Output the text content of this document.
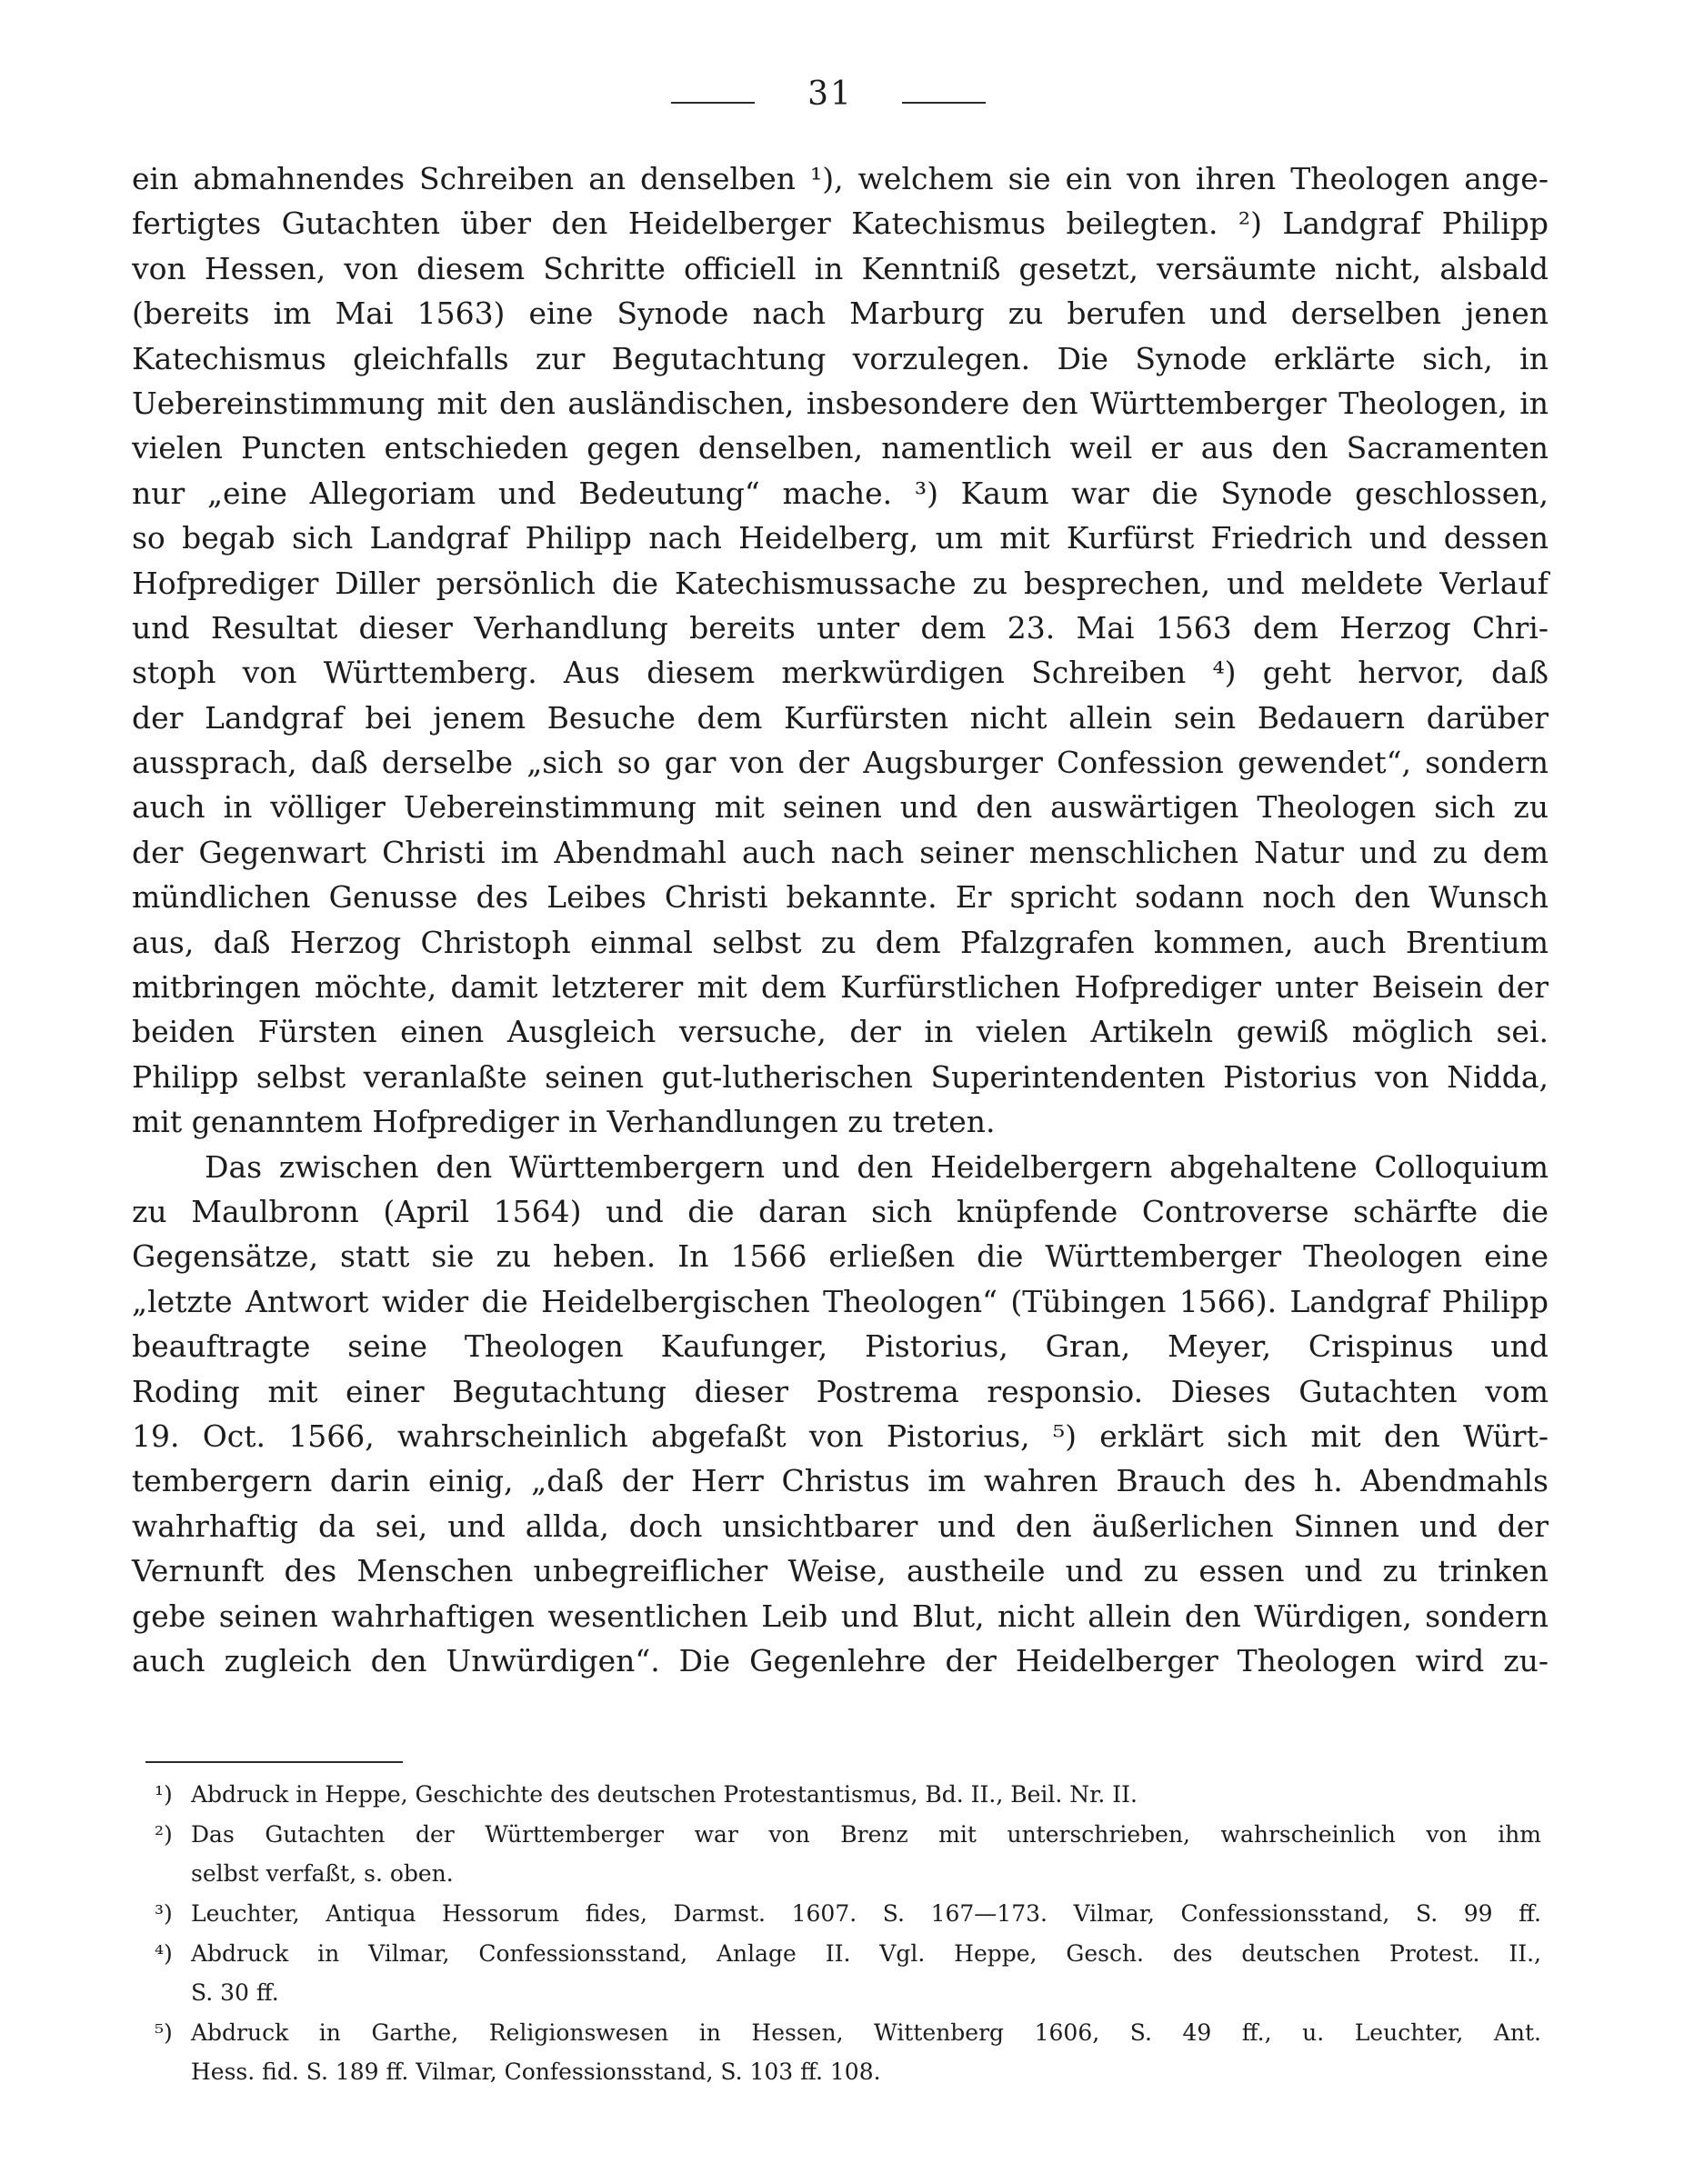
31
ein abmahnendes Schreiben an denselben ¹), welchem sie ein von ihren Theologen ange-
fertigtes Gutachten über den Heidelberger Katechismus beilegten. ²) Landgraf Philipp
von Hessen, von diesem Schritte officiell in Kenntniß gesetzt, versäumte nicht, alsbald
(bereits im Mai 1563) eine Synode nach Marburg zu berufen und derselben jenen
Katechismus gleichfalls zur Begutachtung vorzulegen. Die Synode erklärte sich, in
Uebereinstimmung mit den ausländischen, insbesondere den Württemberger Theologen, in
vielen Puncten entschieden gegen denselben, namentlich weil er aus den Sacramenten
nur „eine Allegoriam und Bedeutung“ mache. ³) Kaum war die Synode geschlossen,
so begab sich Landgraf Philipp nach Heidelberg, um mit Kurfürst Friedrich und dessen
Hofprediger Diller persönlich die Katechismussache zu besprechen, und meldete Verlauf
und Resultat dieser Verhandlung bereits unter dem 23. Mai 1563 dem Herzog Chri-
stoph von Württemberg. Aus diesem merkwürdigen Schreiben ⁴) geht hervor, daß
der Landgraf bei jenem Besuche dem Kurfürsten nicht allein sein Bedauern darüber
aussprach, daß derselbe „sich so gar von der Augsburger Confession gewendet“, sondern
auch in völliger Uebereinstimmung mit seinen und den auswärtigen Theologen sich zu
der Gegenwart Christi im Abendmahl auch nach seiner menschlichen Natur und zu dem
mündlichen Genusse des Leibes Christi bekannte. Er spricht sodann noch den Wunsch
aus, daß Herzog Christoph einmal selbst zu dem Pfalzgrafen kommen, auch Brentium
mitbringen möchte, damit letzterer mit dem Kurfürstlichen Hofprediger unter Beisein der
beiden Fürsten einen Ausgleich versuche, der in vielen Artikeln gewiß möglich sei.
Philipp selbst veranlaßte seinen gut-lutherischen Superintendenten Pistorius von Nidda,
mit genanntem Hofprediger in Verhandlungen zu treten.
Das zwischen den Württembergern und den Heidelbergern abgehaltene Colloquium
zu Maulbronn (April 1564) und die daran sich knüpfende Controverse schärfte die
Gegensätze, statt sie zu heben. In 1566 erließen die Württemberger Theologen eine
„letzte Antwort wider die Heidelbergischen Theologen“ (Tübingen 1566). Landgraf Philipp
beauftragte seine Theologen Kaufunger, Pistorius, Gran, Meyer, Crispinus und
Roding mit einer Begutachtung dieser Postrema responsio. Dieses Gutachten vom
19. Oct. 1566, wahrscheinlich abgefaßt von Pistorius, ⁵) erklärt sich mit den Würt-
tembergern darin einig, „daß der Herr Christus im wahren Brauch des h. Abendmahls
wahrhaftig da sei, und allda, doch unsichtbarer und den äußerlichen Sinnen und der
Vernunft des Menschen unbegreiflicher Weise, austheile und zu essen und zu trinken
gebe seinen wahrhaftigen wesentlichen Leib und Blut, nicht allein den Würdigen, sondern
auch zugleich den Unwürdigen“. Die Gegenlehre der Heidelberger Theologen wird zu-
¹) Abdruck in Heppe, Geschichte des deutschen Protestantismus, Bd. II., Beil. Nr. II.
²) Das Gutachten der Württemberger war von Brenz mit unterschrieben, wahrscheinlich von ihm
selbst verfaßt, s. oben.
³) Leuchter, Antiqua Hessorum fides, Darmst. 1607. S. 167—173. Vilmar, Confessionsstand, S. 99 ff.
⁴) Abdruck in Vilmar, Confessionsstand, Anlage II. Vgl. Heppe, Gesch. des deutschen Protest. II.,
S. 30 ff.
⁵) Abdruck in Garthe, Religionswesen in Hessen, Wittenberg 1606, S. 49 ff., u. Leuchter, Ant.
Hess. fid. S. 189 ff. Vilmar, Confessionsstand, S. 103 ff. 108.
